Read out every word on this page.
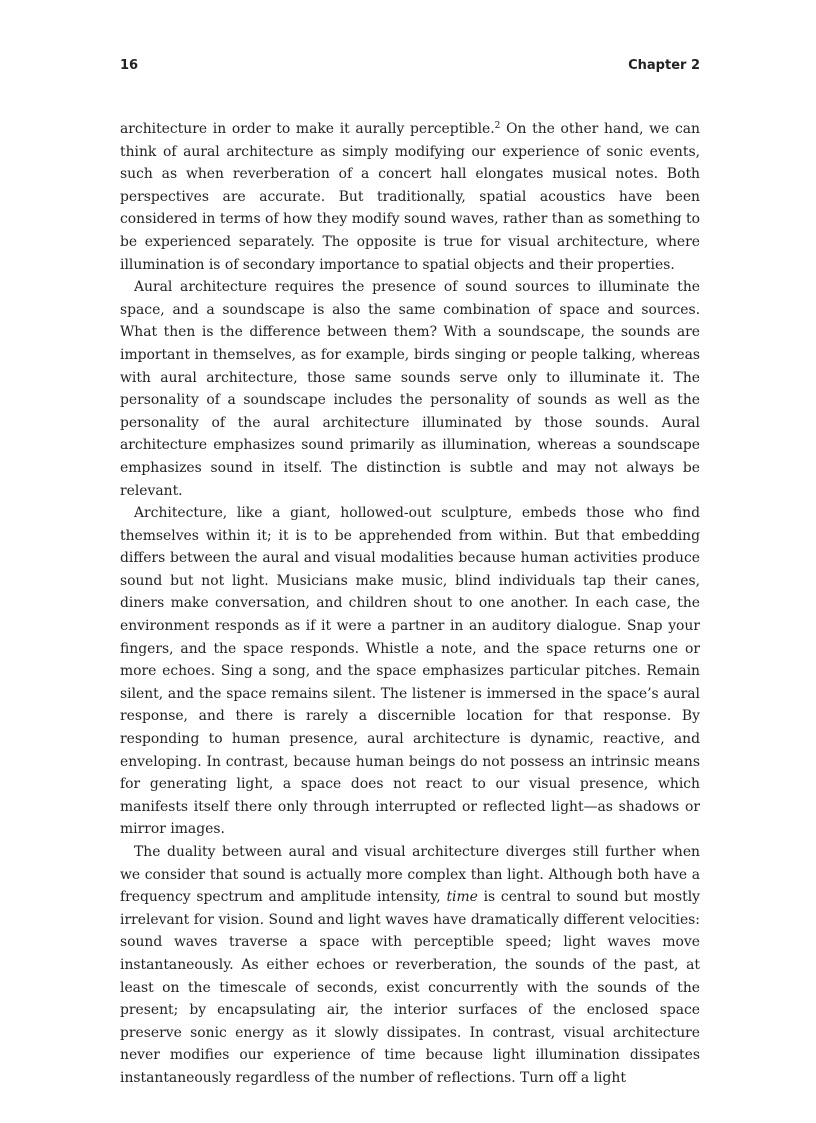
16	Chapter 2

architecture in order to make it aurally perceptible.$^2$ On the other hand, we can think of aural architecture as simply modifying our experience of sonic events, such as when reverberation of a concert hall elongates musical notes. Both perspectives are accurate. But traditionally, spatial acoustics have been considered in terms of how they modify sound waves, rather than as something to be experienced separately. The opposite is true for visual architecture, where illumination is of secondary importance to spatial objects and their properties.

Aural architecture requires the presence of sound sources to illuminate the space, and a soundscape is also the same combination of space and sources. What then is the difference between them? With a soundscape, the sounds are important in themselves, as for example, birds singing or people talking, whereas with aural architecture, those same sounds serve only to illuminate it. The personality of a soundscape includes the personality of sounds as well as the personality of the aural architecture illuminated by those sounds. Aural architecture emphasizes sound primarily as illumination, whereas a soundscape emphasizes sound in itself. The distinction is subtle and may not always be relevant.

Architecture, like a giant, hollowed-out sculpture, embeds those who find themselves within it; it is to be apprehended from within. But that embedding differs between the aural and visual modalities because human activities produce sound but not light. Musicians make music, blind individuals tap their canes, diners make conversation, and children shout to one another. In each case, the environment responds as if it were a partner in an auditory dialogue. Snap your fingers, and the space responds. Whistle a note, and the space returns one or more echoes. Sing a song, and the space emphasizes particular pitches. Remain silent, and the space remains silent. The listener is immersed in the space’s aural response, and there is rarely a discernible location for that response. By responding to human presence, aural architecture is dynamic, reactive, and enveloping. In contrast, because human beings do not possess an intrinsic means for generating light, a space does not react to our visual presence, which manifests itself there only through interrupted or reflected light—as shadows or mirror images.

The duality between aural and visual architecture diverges still further when we consider that sound is actually more complex than light. Although both have a frequency spectrum and amplitude intensity, time is central to sound but mostly irrelevant for vision. Sound and light waves have dramatically different velocities: sound waves traverse a space with perceptible speed; light waves move instantaneously. As either echoes or reverberation, the sounds of the past, at least on the timescale of seconds, exist concurrently with the sounds of the present; by encapsulating air, the interior surfaces of the enclosed space preserve sonic energy as it slowly dissipates. In contrast, visual architecture never modifies our experience of time because light illumination dissipates instantaneously regardless of the number of reflections. Turn off a light
